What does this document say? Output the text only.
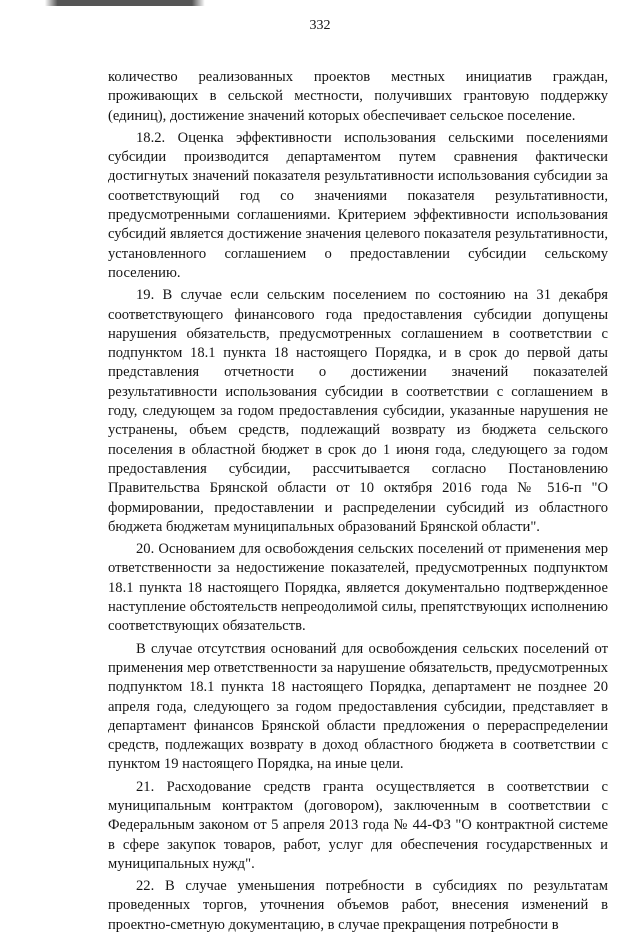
332

количество реализованных проектов местных инициатив граждан, проживающих в сельской местности, получивших грантовую поддержку (единиц), достижение значений которых обеспечивает сельское поселение.

18.2. Оценка эффективности использования сельскими поселениями субсидии производится департаментом путем сравнения фактически достигнутых значений показателя результативности использования субсидии за соответствующий год со значениями показателя результативности, предусмотренными соглашениями. Критерием эффективности использования субсидий является достижение значения целевого показателя результативности, установленного соглашением о предоставлении субсидии сельскому поселению.

19. В случае если сельским поселением по состоянию на 31 декабря соответствующего финансового года предоставления субсидии допущены нарушения обязательств, предусмотренных соглашением в соответствии с подпунктом 18.1 пункта 18 настоящего Порядка, и в срок до первой даты представления отчетности о достижении значений показателей результативности использования субсидии в соответствии с соглашением в году, следующем за годом предоставления субсидии, указанные нарушения не устранены, объем средств, подлежащий возврату из бюджета сельского поселения в областной бюджет в срок до 1 июня года, следующего за годом предоставления субсидии, рассчитывается согласно Постановлению Правительства Брянской области от 10 октября 2016 года № 516-п "О формировании, предоставлении и распределении субсидий из областного бюджета бюджетам муниципальных образований Брянской области".

20. Основанием для освобождения сельских поселений от применения мер ответственности за недостижение показателей, предусмотренных подпунктом 18.1 пункта 18 настоящего Порядка, является документально подтвержденное наступление обстоятельств непреодолимой силы, препятствующих исполнению соответствующих обязательств.

В случае отсутствия оснований для освобождения сельских поселений от применения мер ответственности за нарушение обязательств, предусмотренных подпунктом 18.1 пункта 18 настоящего Порядка, департамент не позднее 20 апреля года, следующего за годом предоставления субсидии, представляет в департамент финансов Брянской области предложения о перераспределении средств, подлежащих возврату в доход областного бюджета в соответствии с пунктом 19 настоящего Порядка, на иные цели.

21. Расходование средств гранта осуществляется в соответствии с муниципальным контрактом (договором), заключенным в соответствии с Федеральным законом от 5 апреля 2013 года № 44-ФЗ "О контрактной системе в сфере закупок товаров, работ, услуг для обеспечения государственных и муниципальных нужд".

22. В случае уменьшения потребности в субсидиях по результатам проведенных торгов, уточнения объемов работ, внесения изменений в проектно-сметную документацию, в случае прекращения потребности в
